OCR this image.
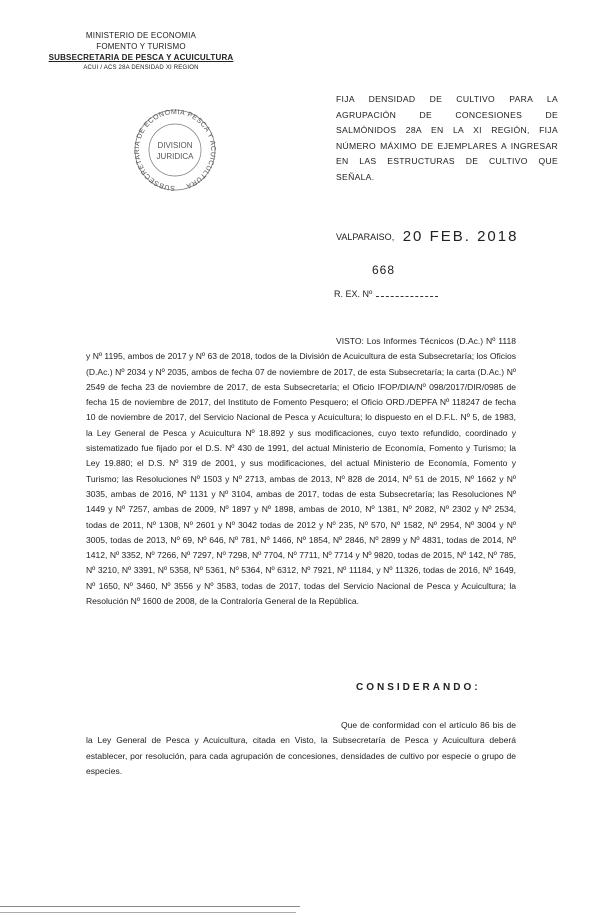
MINISTERIO DE ECONOMIA
FOMENTO Y TURISMO
SUBSECRETARIA DE PESCA Y ACUICULTURA
ACUI / ACS 28A DENSIDAD XI REGION
SUBSECRETARIA DE ECONOMIA PESCA Y ACUICULTURA
DIVISION
JURIDICA
FIJA DENSIDAD DE CULTIVO PARA LA AGRUPACIÓN DE CONCESIONES DE SALMÓNIDOS 28A EN LA XI REGIÓN, FIJA NÚMERO MÁXIMO DE EJEMPLARES A INGRESAR EN LAS ESTRUCTURAS DE CULTIVO QUE SEÑALA.
VALPARAISO, 20 FEB. 2018
668
R. EX. Nº
VISTO: Los Informes Técnicos (D.Ac.) Nº 1118 y Nº 1195, ambos de 2017 y Nº 63 de 2018, todos de la División de Acuicultura de esta Subsecretaría; los Oficios (D.Ac.) Nº 2034 y Nº 2035, ambos de fecha 07 de noviembre de 2017, de esta Subsecretaría; la carta (D.Ac.) Nº 2549 de fecha 23 de noviembre de 2017, de esta Subsecretaría; el Oficio IFOP/DIA/Nº 098/2017/DIR/0985 de fecha 15 de noviembre de 2017, del Instituto de Fomento Pesquero; el Oficio ORD./DEPFA Nº 118247 de fecha 10 de noviembre de 2017, del Servicio Nacional de Pesca y Acuicultura; lo dispuesto en el D.F.L. Nº 5, de 1983, la Ley General de Pesca y Acuicultura Nº 18.892 y sus modificaciones, cuyo texto refundido, coordinado y sistematizado fue fijado por el D.S. Nº 430 de 1991, del actual Ministerio de Economía, Fomento y Turismo; la Ley 19.880; el D.S. Nº 319 de 2001, y sus modificaciones, del actual Ministerio de Economía, Fomento y Turismo; las Resoluciones Nº 1503 y Nº 2713, ambas de 2013, Nº 828 de 2014, Nº 51 de 2015, Nº 1662 y Nº 3035, ambas de 2016, Nº 1131 y Nº 3104, ambas de 2017, todas de esta Subsecretaría; las Resoluciones Nº 1449 y Nº 7257, ambas de 2009, Nº 1897 y Nº 1898, ambas de 2010, Nº 1381, Nº 2082, Nº 2302 y Nº 2534, todas de 2011, Nº 1308, Nº 2601 y Nº 3042 todas de 2012 y Nº 235, Nº 570, Nº 1582, Nº 2954, Nº 3004 y Nº 3005, todas de 2013, Nº 69, Nº 646, Nº 781, Nº 1466, Nº 1854, Nº 2846, Nº 2899 y Nº 4831, todas de 2014, Nº 1412, Nº 3352, Nº 7266, Nº 7297, Nº 7298, Nº 7704, Nº 7711, Nº 7714 y Nº 9820, todas de 2015, Nº 142, Nº 785, Nº 3210, Nº 3391, Nº 5358, Nº 5361, Nº 5364, Nº 6312, Nº 7921, Nº 11184, y Nº 11326, todas de 2016, Nº 1649, Nº 1650, Nº 3460, Nº 3556 y Nº 3583, todas de 2017, todas del Servicio Nacional de Pesca y Acuicultura; la Resolución Nº 1600 de 2008, de la Contraloría General de la República.
CONSIDERANDO:
Que de conformidad con el artículo 86 bis de la Ley General de Pesca y Acuicultura, citada en Visto, la Subsecretaría de Pesca y Acuicultura deberá establecer, por resolución, para cada agrupación de concesiones, densidades de cultivo por especie o grupo de especies.
